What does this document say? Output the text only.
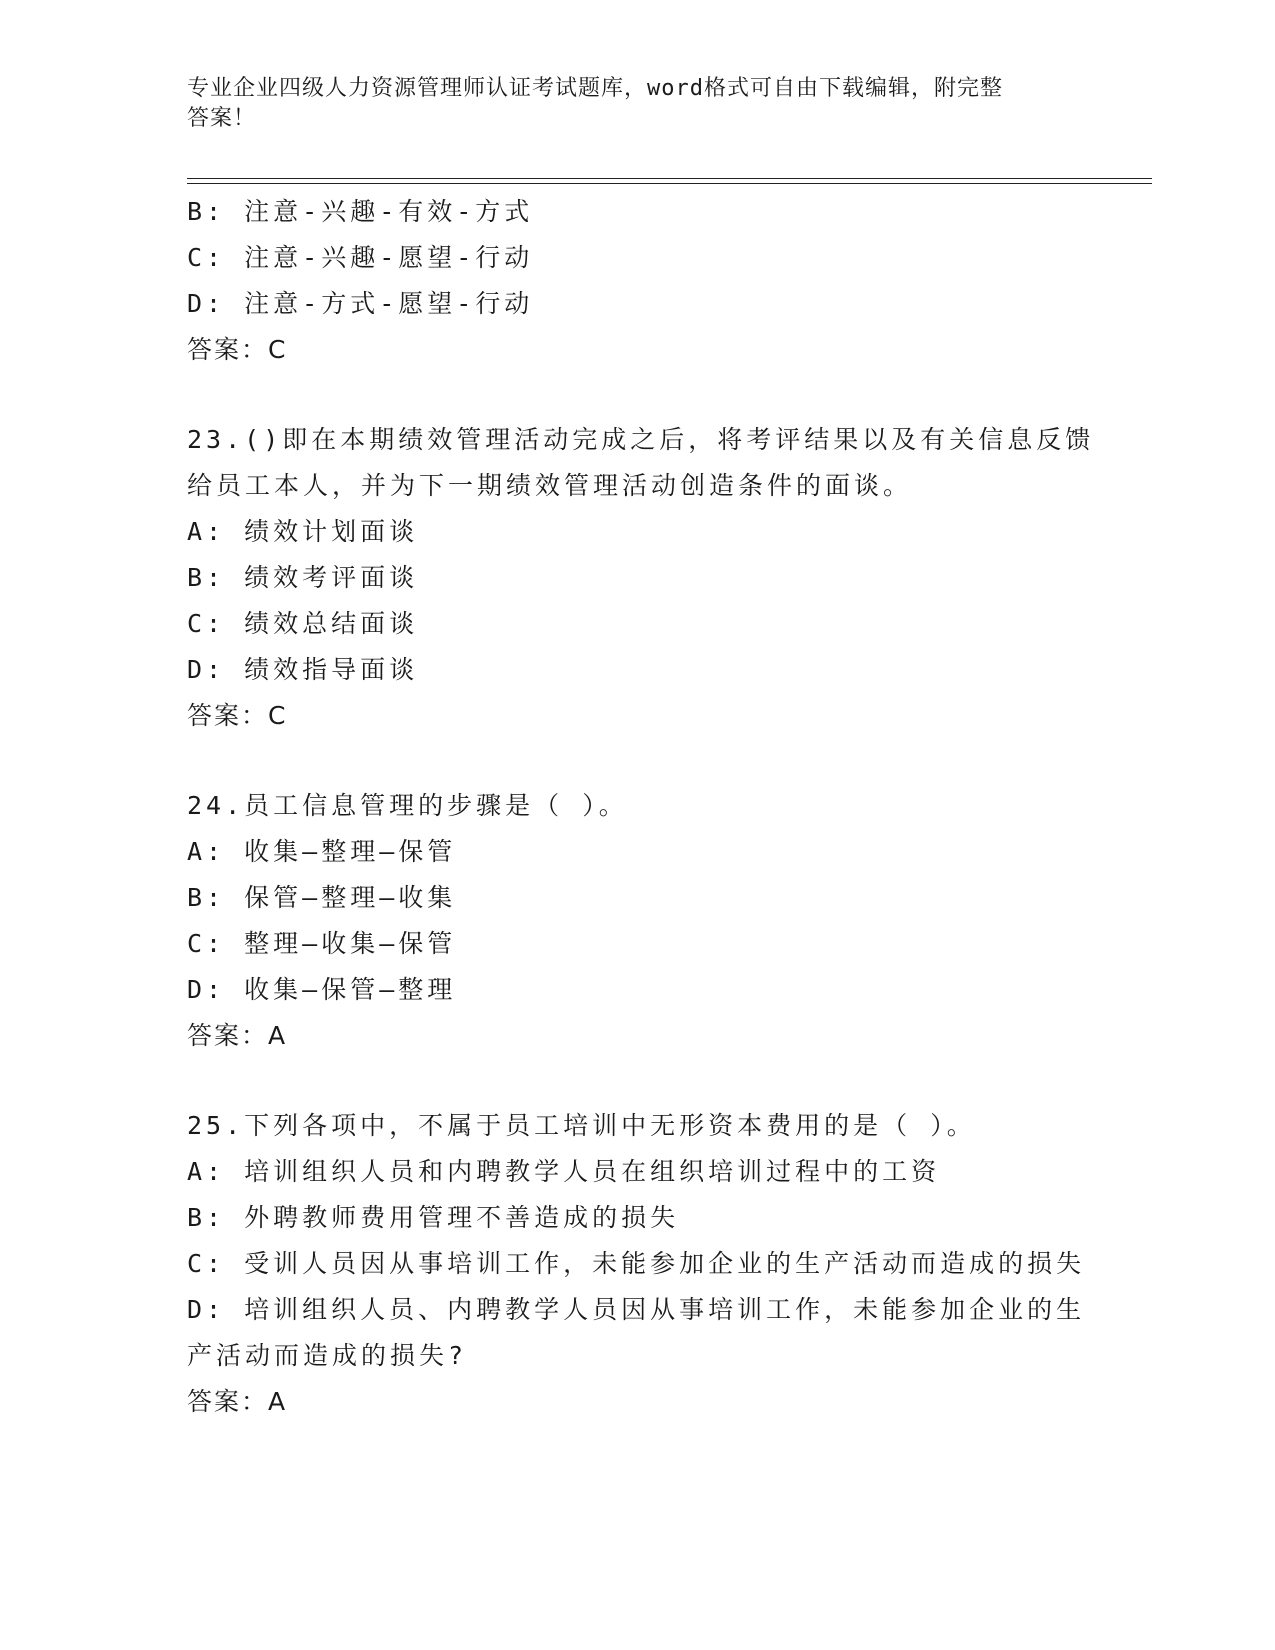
专业企业四级人力资源管理师认证考试题库，word格式可自由下载编辑，附完整
答案！
B: 注意-兴趣-有效-方式
C: 注意-兴趣-愿望-行动
D: 注意-方式-愿望-行动
答案：C
23.()即在本期绩效管理活动完成之后，将考评结果以及有关信息反馈
给员工本人，并为下一期绩效管理活动创造条件的面谈。
A: 绩效计划面谈
B: 绩效考评面谈
C: 绩效总结面谈
D: 绩效指导面谈
答案：C
24.员工信息管理的步骤是（ ）。
A: 收集—整理—保管
B: 保管—整理—收集
C: 整理—收集—保管
D: 收集—保管—整理
答案：A
25.下列各项中，不属于员工培训中无形资本费用的是（ ）。
A: 培训组织人员和内聘教学人员在组织培训过程中的工资
B: 外聘教师费用管理不善造成的损失
C: 受训人员因从事培训工作，未能参加企业的生产活动而造成的损失
D: 培训组织人员、内聘教学人员因从事培训工作，未能参加企业的生
产活动而造成的损失?
答案：A
